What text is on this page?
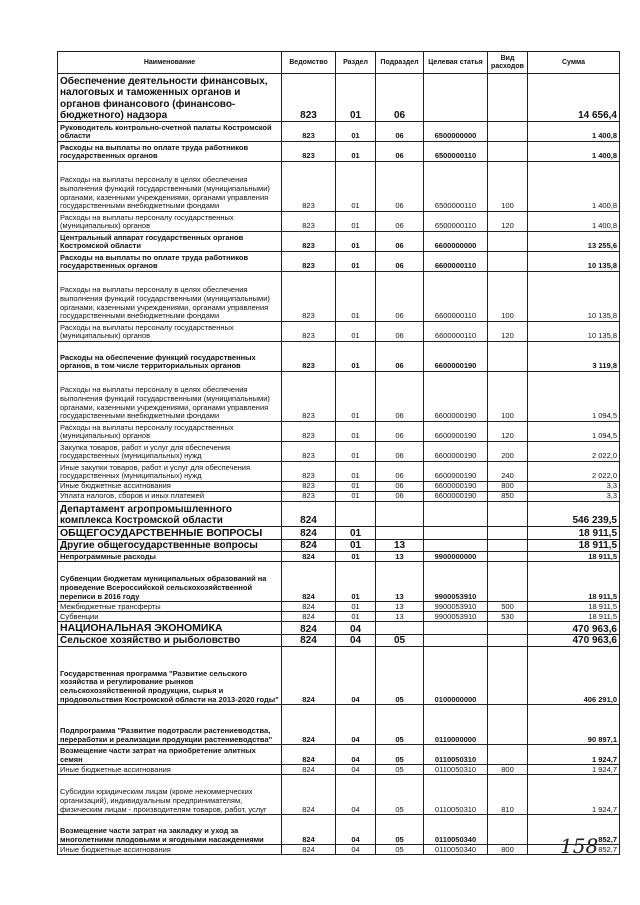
Наименование	Ведомство	Раздел	Подраздел	Целевая статья	Вид расходов	Сумма
Обеспечение деятельности финансовых, налоговых и таможенных органов и органов финансового (финансово-бюджетного) надзора	823	01	06			14 656,4
Руководитель контрольно-счетной палаты Костромской области	823	01	06	6500000000		1 400,8
Расходы на выплаты по оплате труда работников государственных органов	823	01	06	6500000110		1 400,8
Расходы на выплаты персоналу в целях обеспечения выполнения функций государственными (муниципальными) органами, казенными учреждениями, органами управления государственными внебюджетными фондами	823	01	06	6500000110	100	1 400,8
Расходы на выплаты персоналу государственных (муниципальных) органов	823	01	06	6500000110	120	1 400,8
Центральный аппарат государственных органов Костромской области	823	01	06	6600000000		13 255,6
Расходы на выплаты по оплате труда работников государственных органов	823	01	06	6600000110		10 135,8
Расходы на выплаты персоналу в целях обеспечения выполнения функций государственными (муниципальными) органами, казенными учреждениями, органами управления государственными внебюджетными фондами	823	01	06	6600000110	100	10 135,8
Расходы на выплаты персоналу государственных (муниципальных) органов	823	01	06	6600000110	120	10 135,8
Расходы на обеспечение функций государственных органов, в том числе территориальных органов	823	01	06	6600000190		3 119,8
Расходы на выплаты персоналу в целях обеспечения выполнения функций государственными (муниципальными) органами, казенными учреждениями, органами управления государственными внебюджетными фондами	823	01	06	6600000190	100	1 094,5
Расходы на выплаты персоналу государственных (муниципальных) органов	823	01	06	6600000190	120	1 094,5
Закупка товаров, работ и услуг для обеспечения государственных (муниципальных) нужд	823	01	06	6600000190	200	2 022,0
Иные закупки товаров, работ и услуг для обеспечения государственных (муниципальных) нужд	823	01	06	6600000190	240	2 022,0
Иные бюджетные ассигнования	823	01	06	6600000190	800	3,3
Уплата налогов, сборов и иных платежей	823	01	06	6600000190	850	3,3
Департамент агропромышленного комплекса Костромской области	824					546 239,5
ОБЩЕГОСУДАРСТВЕННЫЕ ВОПРОСЫ	824	01				18 911,5
Другие общегосударственные вопросы	824	01	13			18 911,5
Непрограммные расходы	824	01	13	9900000000		18 911,5
Субвенции бюджетам муниципальных образований на проведение Всероссийской сельскохозяйственной переписи в 2016 году	824	01	13	9900053910		18 911,5
Межбюджетные трансферты	824	01	13	9900053910	500	18 911,5
Субвенции	824	01	13	9900053910	530	18 911,5
НАЦИОНАЛЬНАЯ ЭКОНОМИКА	824	04				470 963,6
Сельское хозяйство и рыболовство	824	04	05			470 963,6
Государственная программа "Развитие сельского хозяйства и регулирование рынков сельскохозяйственной продукции, сырья и продовольствия Костромской области на 2013-2020 годы"	824	04	05	0100000000		406 291,0
Подпрограмма "Развитие подотрасли растениеводства, переработки и реализации продукции растениеводства"	824	04	05	0110000000		90 897,1
Возмещение части затрат на приобретение элитных семян	824	04	05	0110050310		1 924,7
Иные бюджетные ассигнования	824	04	05	0110050310	800	1 924,7
Субсидии юридическим лицам (кроме некоммерческих организаций), индивидуальным предпринимателям, физическим лицам - производителям товаров, работ, услуг	824	04	05	0110050310	810	1 924,7
Возмещение части затрат на закладку и уход за многолетними плодовыми и ягодными насаждениями	824	04	05	0110050340		852,7
Иные бюджетные ассигнования	824	04	05	0110050340	800	852,7
158
